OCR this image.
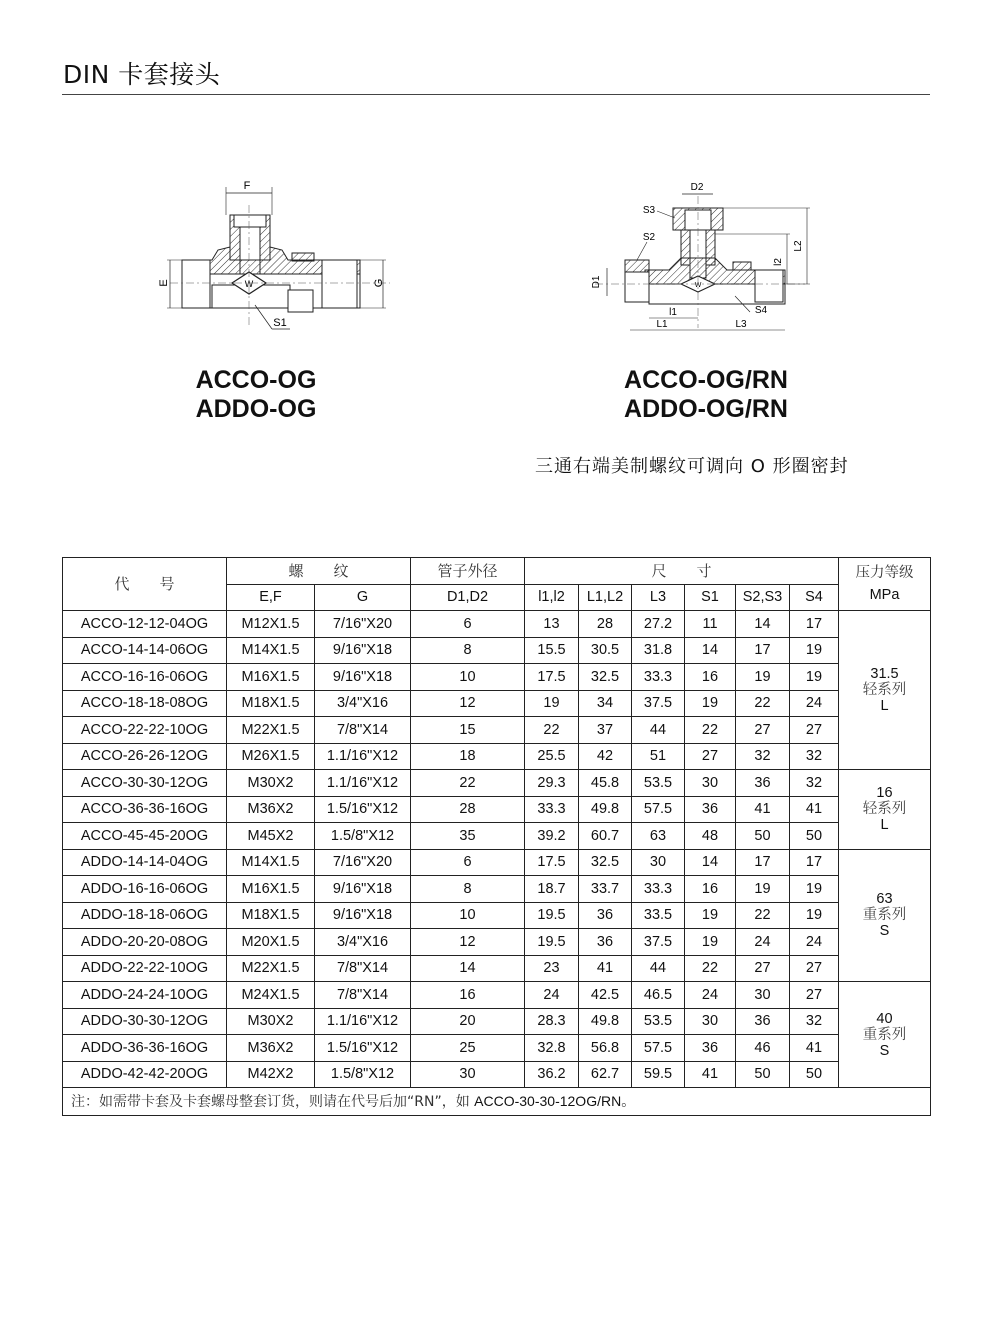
DIN 卡套接头
F
W
E	G
S1
D2
W
S3
S2
D1
l1
L1	L3
S4
l2
L2
ACCO-OG
ADDO-OG
ACCO-OG/RN
ADDO-OG/RN
三通右端美制螺纹可调向 O 形圈密封
代　　号	螺　　纹		管子外径	尺　　寸						压力等级
MPa

	E,F	G	D1,D2	l1,l2	L1,L2	L3	S1	S2,S3	S4	
ACCO-12-12-04OG	M12X1.5	7/16"X20	6	13	28	27.2	11	14	17	31.5
轻系列
L

ACCO-14-14-06OG	M14X1.5	9/16"X18	8	15.5	30.5	31.8	14	17	19	
ACCO-16-16-06OG	M16X1.5	9/16"X18	10	17.5	32.5	33.3	16	19	19	
ACCO-18-18-08OG	M18X1.5	3/4"X16	12	19	34	37.5	19	22	24	
ACCO-22-22-10OG	M22X1.5	7/8"X14	15	22	37	44	22	27	27	
ACCO-26-26-12OG	M26X1.5	1.1/16"X12	18	25.5	42	51	27	32	32	
ACCO-30-30-12OG	M30X2	1.1/16"X12	22	29.3	45.8	53.5	30	36	32	16
轻系列
L

ACCO-36-36-16OG	M36X2	1.5/16"X12	28	33.3	49.8	57.5	36	41	41	
ACCO-45-45-20OG	M45X2	1.5/8"X12	35	39.2	60.7	63	48	50	50	
ADDO-14-14-04OG	M14X1.5	7/16"X20	6	17.5	32.5	30	14	17	17	63
重系列
S

ADDO-16-16-06OG	M16X1.5	9/16"X18	8	18.7	33.7	33.3	16	19	19	
ADDO-18-18-06OG	M18X1.5	9/16"X18	10	19.5	36	33.5	19	22	19	
ADDO-20-20-08OG	M20X1.5	3/4"X16	12	19.5	36	37.5	19	24	24	
ADDO-22-22-10OG	M22X1.5	7/8"X14	14	23	41	44	22	27	27	
ADDO-24-24-10OG	M24X1.5	7/8"X14	16	24	42.5	46.5	24	30	27	40
重系列
S

ADDO-30-30-12OG	M30X2	1.1/16"X12	20	28.3	49.8	53.5	30	36	32	
ADDO-36-36-16OG	M36X2	1.5/16"X12	25	32.8	56.8	57.5	36	46	41	
ADDO-42-42-20OG	M42X2	1.5/8"X12	30	36.2	62.7	59.5	41	50	50	
注：如需带卡套及卡套螺母整套订货，则请在代号后加“RN”，如 ACCO-30-30-12OG/RN。										
